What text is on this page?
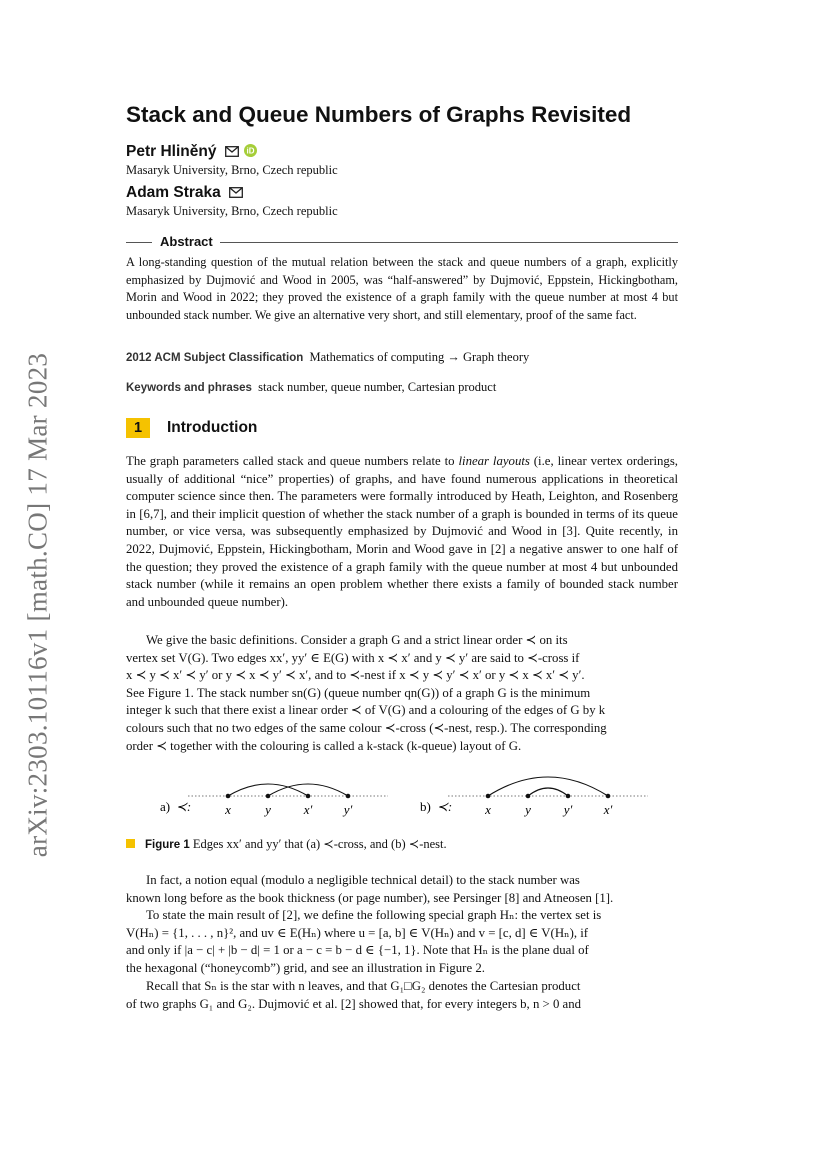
arXiv:2303.10116v1 [math.CO] 17 Mar 2023
Stack and Queue Numbers of Graphs Revisited
Petr Hliněný	iD
Masaryk University, Brno, Czech republic
Adam Straka
Masaryk University, Brno, Czech republic
Abstract

A long-standing question of the mutual relation between the stack and queue numbers of a graph, explicitly emphasized by Dujmović and Wood in 2005, was “half-answered” by Dujmović, Eppstein, Hickingbotham, Morin and Wood in 2022; they proved the existence of a graph family with the queue number at most 4 but unbounded stack number. We give an alternative very short, and still elementary, proof of the same fact.

2012 ACM Subject Classification Mathematics of computing → Graph theory

Keywords and phrases stack number, queue number, Cartesian product

1 Introduction

The graph parameters called stack and queue numbers relate to linear layouts (i.e, linear vertex orderings, usually of additional “nice” properties) of graphs, and have found numerous applications in theoretical computer science since then. The parameters were formally introduced by Heath, Leighton, and Rosenberg in [6,7], and their implicit question of whether the stack number of a graph is bounded in terms of its queue number, or vice versa, was subsequently emphasized by Dujmović and Wood in [3]. Quite recently, in 2022, Dujmović, Eppstein, Hickingbotham, Morin and Wood gave in [2] a negative answer to one half of the question; they proved the existence of a graph family with the queue number at most 4 but unbounded stack number (while it remains an open problem whether there exists a family of bounded stack number and unbounded queue number).

We give the basic definitions. Consider a graph G and a strict linear order ≺ on its
vertex set V(G). Two edges xx′, yy′ ∈ E(G) with x ≺ x′ and y ≺ y′ are said to ≺-cross if
x ≺ y ≺ x′ ≺ y′ or y ≺ x ≺ y′ ≺ x′, and to ≺-nest if x ≺ y ≺ y′ ≺ x′ or y ≺ x ≺ x′ ≺ y′.
See Figure 1. The stack number sn(G) (queue number qn(G)) of a graph G is the minimum
integer k such that there exist a linear order ≺ of V(G) and a colouring of the edges of G by k
colours such that no two edges of the same colour ≺-cross (≺-nest, resp.). The corresponding
order ≺ together with the colouring is called a k-stack (k-queue) layout of G.
a) ≺:	x	y	x′ y′	b) ≺:	x	y	y′ x′

Figure 1 Edges xx′ and yy′ that (a) ≺-cross, and (b) ≺-nest.

In fact, a notion equal (modulo a negligible technical detail) to the stack number was
known long before as the book thickness (or page number), see Persinger [8] and Atneosen [1].
To state the main result of [2], we define the following special graph Hₙ: the vertex set is
V(Hₙ) = {1, . . . , n}², and uv ∈ E(Hₙ) where u = [a, b] ∈ V(Hₙ) and v = [c, d] ∈ V(Hₙ), if
and only if |a − c| + |b − d| = 1 or a − c = b − d ∈ {−1, 1}. Note that Hₙ is the plane dual of
the hexagonal (“honeycomb”) grid, and see an illustration in Figure 2.
Recall that Sₙ is the star with n leaves, and that G₁□G₂ denotes the Cartesian product
of two graphs G₁ and G₂. Dujmović et al. [2] showed that, for every integers b, n > 0 and
